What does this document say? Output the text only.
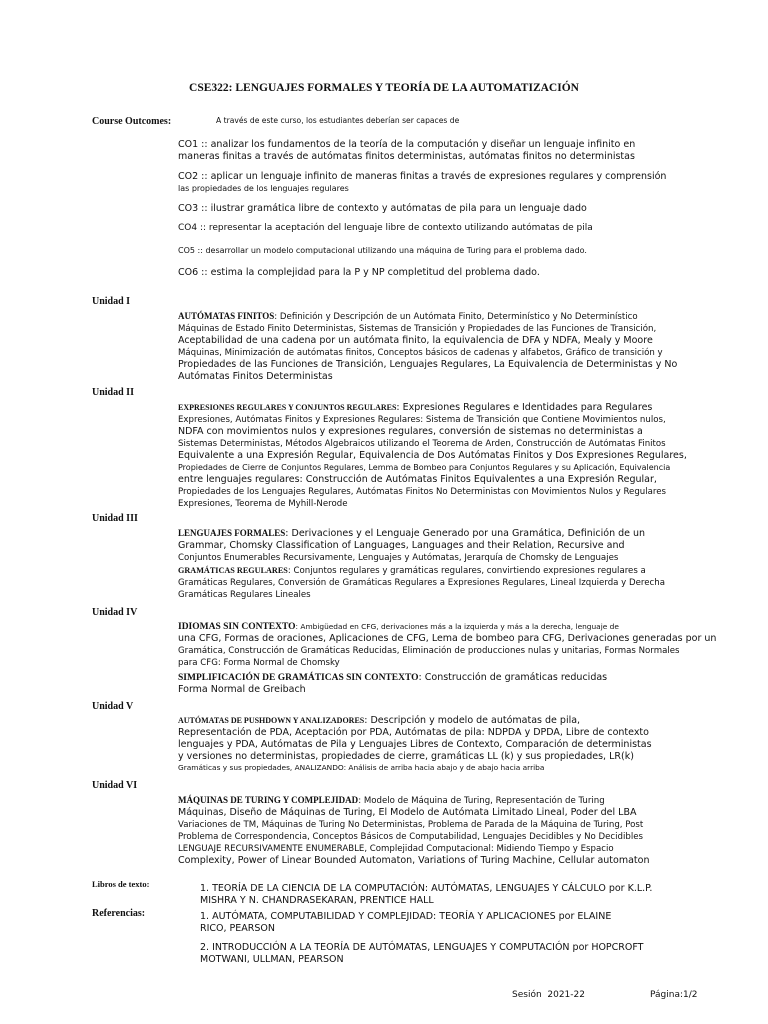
CSE322: LENGUAJES FORMALES Y TEORÍA DE LA AUTOMATIZACIÓN
Course Outcomes:	A través de este curso, los estudiantes deberían ser capaces de
CO1 :: analizar los fundamentos de la teoría de la computación y diseñar un lenguaje infinito en
maneras finitas a través de autómatas finitos deterministas, autómatas finitos no deterministas
CO2 :: aplicar un lenguaje infinito de maneras finitas a través de expresiones regulares y comprensión
las propiedades de los lenguajes regulares
CO3 :: ilustrar gramática libre de contexto y autómatas de pila para un lenguaje dado
CO4 :: representar la aceptación del lenguaje libre de contexto utilizando autómatas de pila
CO5 :: desarrollar un modelo computacional utilizando una máquina de Turing para el problema dado.
CO6 :: estima la complejidad para la P y NP completitud del problema dado.
Unidad I
AUTÓMATAS FINITOS: Definición y Descripción de un Autómata Finito, Determinístico y No Determinístico
Máquinas de Estado Finito Deterministas, Sistemas de Transición y Propiedades de las Funciones de Transición,
Aceptabilidad de una cadena por un autómata finito, la equivalencia de DFA y NDFA, Mealy y Moore
Máquinas, Minimización de autómatas finitos, Conceptos básicos de cadenas y alfabetos, Gráfico de transición y
Propiedades de las Funciones de Transición, Lenguajes Regulares, La Equivalencia de Deterministas y No
Autómatas Finitos Deterministas
Unidad II
EXPRESIONES REGULARES Y CONJUNTOS REGULARES: Expresiones Regulares e Identidades para Regulares
Expresiones, Autómatas Finitos y Expresiones Regulares: Sistema de Transición que Contiene Movimientos nulos,
NDFA con movimientos nulos y expresiones regulares, conversión de sistemas no deterministas a
Sistemas Deterministas, Métodos Algebraicos utilizando el Teorema de Arden, Construcción de Autómatas Finitos
Equivalente a una Expresión Regular, Equivalencia de Dos Autómatas Finitos y Dos Expresiones Regulares,
Propiedades de Cierre de Conjuntos Regulares, Lemma de Bombeo para Conjuntos Regulares y su Aplicación, Equivalencia
entre lenguajes regulares: Construcción de Autómatas Finitos Equivalentes a una Expresión Regular,
Propiedades de los Lenguajes Regulares, Autómatas Finitos No Deterministas con Movimientos Nulos y Regulares
Expresiones, Teorema de Myhill-Nerode
Unidad III
LENGUAJES FORMALES: Derivaciones y el Lenguaje Generado por una Gramática, Definición de un
Grammar, Chomsky Classification of Languages, Languages and their Relation, Recursive and
Conjuntos Enumerables Recursivamente, Lenguajes y Autómatas, Jerarquía de Chomsky de Lenguajes
GRAMÁTICAS REGULARES: Conjuntos regulares y gramáticas regulares, convirtiendo expresiones regulares a
Gramáticas Regulares, Conversión de Gramáticas Regulares a Expresiones Regulares, Lineal Izquierda y Derecha
Gramáticas Regulares Lineales
Unidad IV
IDIOMAS SIN CONTEXTO: Ambigüedad en CFG, derivaciones más a la izquierda y más a la derecha, lenguaje de
una CFG, Formas de oraciones, Aplicaciones de CFG, Lema de bombeo para CFG, Derivaciones generadas por un
Gramática, Construcción de Gramáticas Reducidas, Eliminación de producciones nulas y unitarias, Formas Normales
para CFG: Forma Normal de Chomsky
SIMPLIFICACIÓN DE GRAMÁTICAS SIN CONTEXTO: Construcción de gramáticas reducidas
Forma Normal de Greibach
Unidad V
AUTÓMATAS DE PUSHDOWN Y ANALIZADORES: Descripción y modelo de autómatas de pila,
Representación de PDA, Aceptación por PDA, Autómatas de pila: NDPDA y DPDA, Libre de contexto
lenguajes y PDA, Autómatas de Pila y Lenguajes Libres de Contexto, Comparación de deterministas
y versiones no deterministas, propiedades de cierre, gramáticas LL (k) y sus propiedades, LR(k)
Gramáticas y sus propiedades, ANALIZANDO: Análisis de arriba hacia abajo y de abajo hacia arriba
Unidad VI
MÁQUINAS DE TURING Y COMPLEJIDAD: Modelo de Máquina de Turing, Representación de Turing
Máquinas, Diseño de Máquinas de Turing, El Modelo de Autómata Limitado Lineal, Poder del LBA
Variaciones de TM, Máquinas de Turing No Deterministas, Problema de Parada de la Máquina de Turing, Post
Problema de Correspondencia, Conceptos Básicos de Computabilidad, Lenguajes Decidibles y No Decidibles
LENGUAJE RECURSIVAMENTE ENUMERABLE, Complejidad Computacional: Midiendo Tiempo y Espacio
Complexity, Power of Linear Bounded Automaton, Variations of Turing Machine, Cellular automaton
Libros de texto:	1. TEORÍA DE LA CIENCIA DE LA COMPUTACIÓN: AUTÓMATAS, LENGUAJES Y CÁLCULO por K.L.P.
MISHRA Y N. CHANDRASEKARAN, PRENTICE HALL
Referencias:	1. AUTÓMATA, COMPUTABILIDAD Y COMPLEJIDAD: TEORÍA Y APLICACIONES por ELAINE
RICO, PEARSON
2. INTRODUCCIÓN A LA TEORÍA DE AUTÓMATAS, LENGUAJES Y COMPUTACIÓN por HOPCROFT
MOTWANI, ULLMAN, PEARSON
Sesión  2021-22	Página:1/2
